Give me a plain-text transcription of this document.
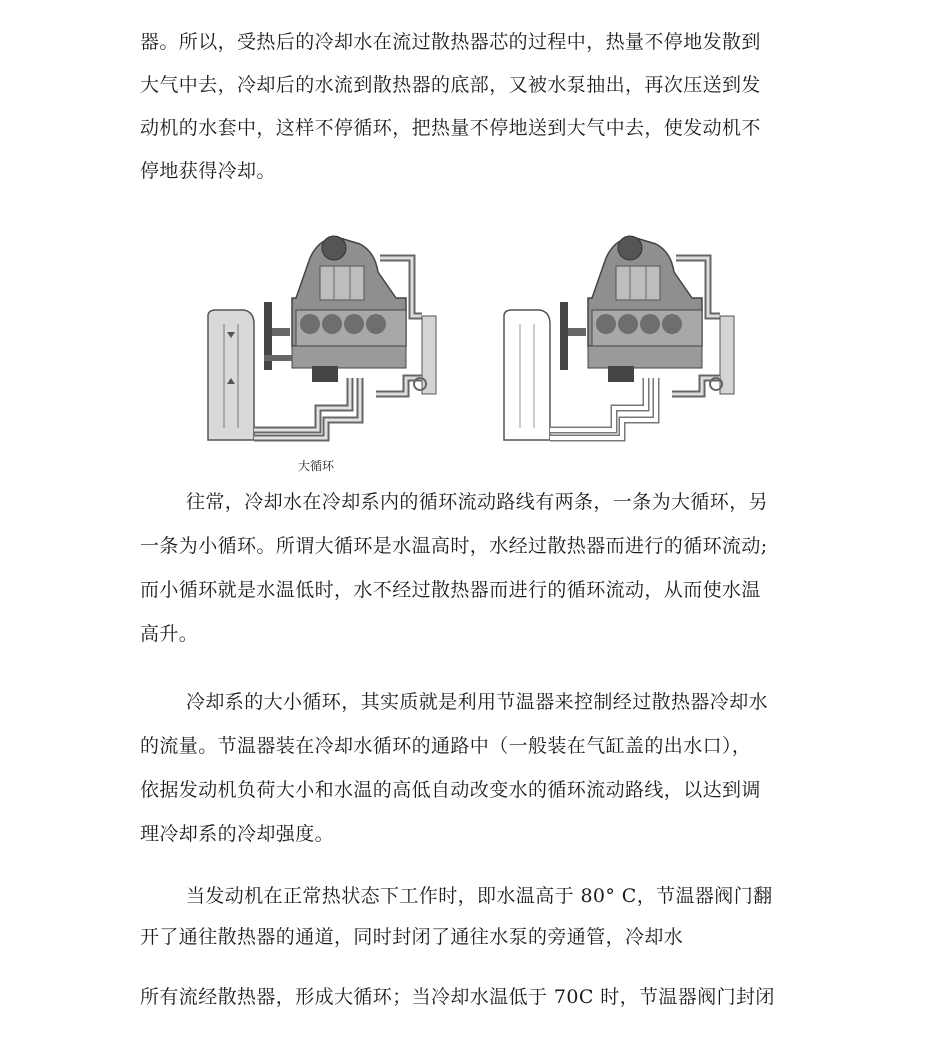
器。所以，受热后的冷却水在流过散热器芯的过程中，热量不停地发散到
大气中去，冷却后的水流到散热器的底部，又被水泵抽出，再次压送到发
动机的水套中，这样不停循环，把热量不停地送到大气中去，使发动机不
停地获得冷却。
大循环
往常，冷却水在冷却系内的循环流动路线有两条，一条为大循环，另
一条为小循环。所谓大循环是水温高时，水经过散热器而进行的循环流动;
而小循环就是水温低时，水不经过散热器而进行的循环流动，从而使水温
高升。
冷却系的大小循环，其实质就是利用节温器来控制经过散热器冷却水
的流量。节温器装在冷却水循环的通路中（一般装在气缸盖的出水口），
依据发动机负荷大小和水温的高低自动改变水的循环流动路线，以达到调
理冷却系的冷却强度。
当发动机在正常热状态下工作时，即水温高于 80° C，节温器阀门翻
开了通往散热器的通道，同时封闭了通往水泵的旁通管，冷却水
所有流经散热器，形成大循环；当冷却水温低于 70C 时，节温器阀门封闭
